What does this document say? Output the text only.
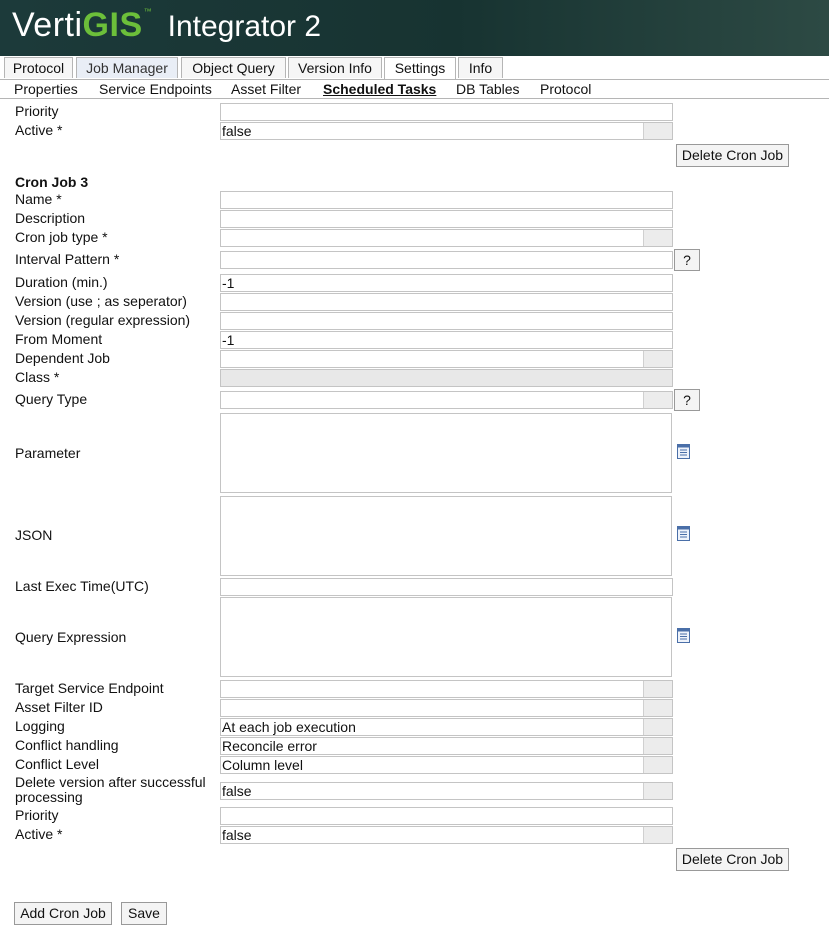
Verti GIS ™ Integrator 2
Protocol	Job Manager	Object Query	Version Info	Settings	Info
Properties Service Endpoints Asset Filter Scheduled Tasks DB Tables Protocol
Priority
Active *	false
Delete Cron Job
Cron Job 3
Name *
Description
Cron job type *
Interval Pattern *	?
Duration (min.)	-1
Version (use ; as seperator)
Version (regular expression)
From Moment	-1
Dependent Job
Class *
Query Type	?
Parameter
JSON
Last Exec Time(UTC)
Query Expression
Target Service Endpoint
Asset Filter ID
Logging	At each job execution
Conflict handling	Reconcile error
Conflict Level	Column level
Delete version after successful
processing	false
Priority
Active *	false
Delete Cron Job
Add Cron Job	Save
